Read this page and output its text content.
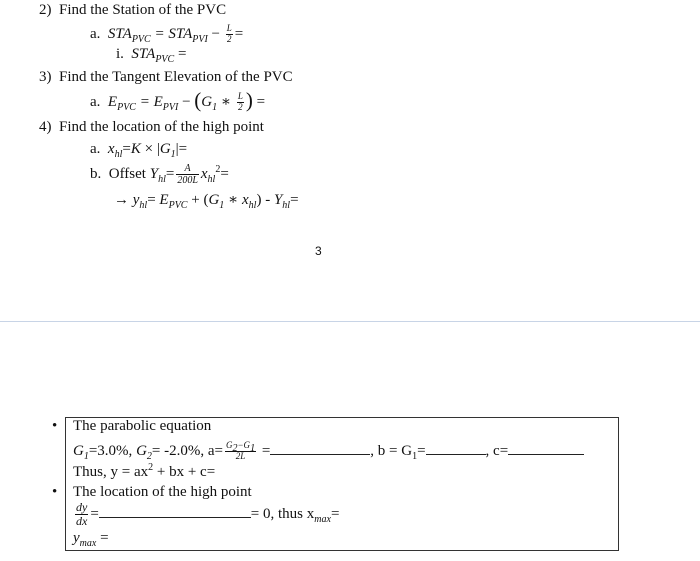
2) Find the Station of the PVC
a. $STA_{PVC} = STA_{PVI} - \frac{L}{2}$ =
i. $STA_{PVC}$ =
3) Find the Tangent Elevation of the PVC
a. $E_{PVC} = E_{PVI} - (G_1$ ∗ $\frac{L}{2}$ ) =
4) Find the location of the high point
a. $x_{hl}=K \times |G_1|=$
b. Offset $Y_{hl}= \frac{A}{200L} x_{hl}^2=$
→ $y_{hl}= E_{PVC} + (G_1$ ∗ $x_{hl}) - Y_{hl}=$
3
• The parabolic equation
$G_1=3.0\%$, $G_2= -2.0\%$, $a= \frac{G_2-G_1}{2L}$ =	, $b = G_1=$	, c=
Thus, $y = ax^2$ + bx + c=
• The location of the high point
$\frac{dy}{dx}$ =	= 0, thus $x_{max}=$
$y_{max}$ =
